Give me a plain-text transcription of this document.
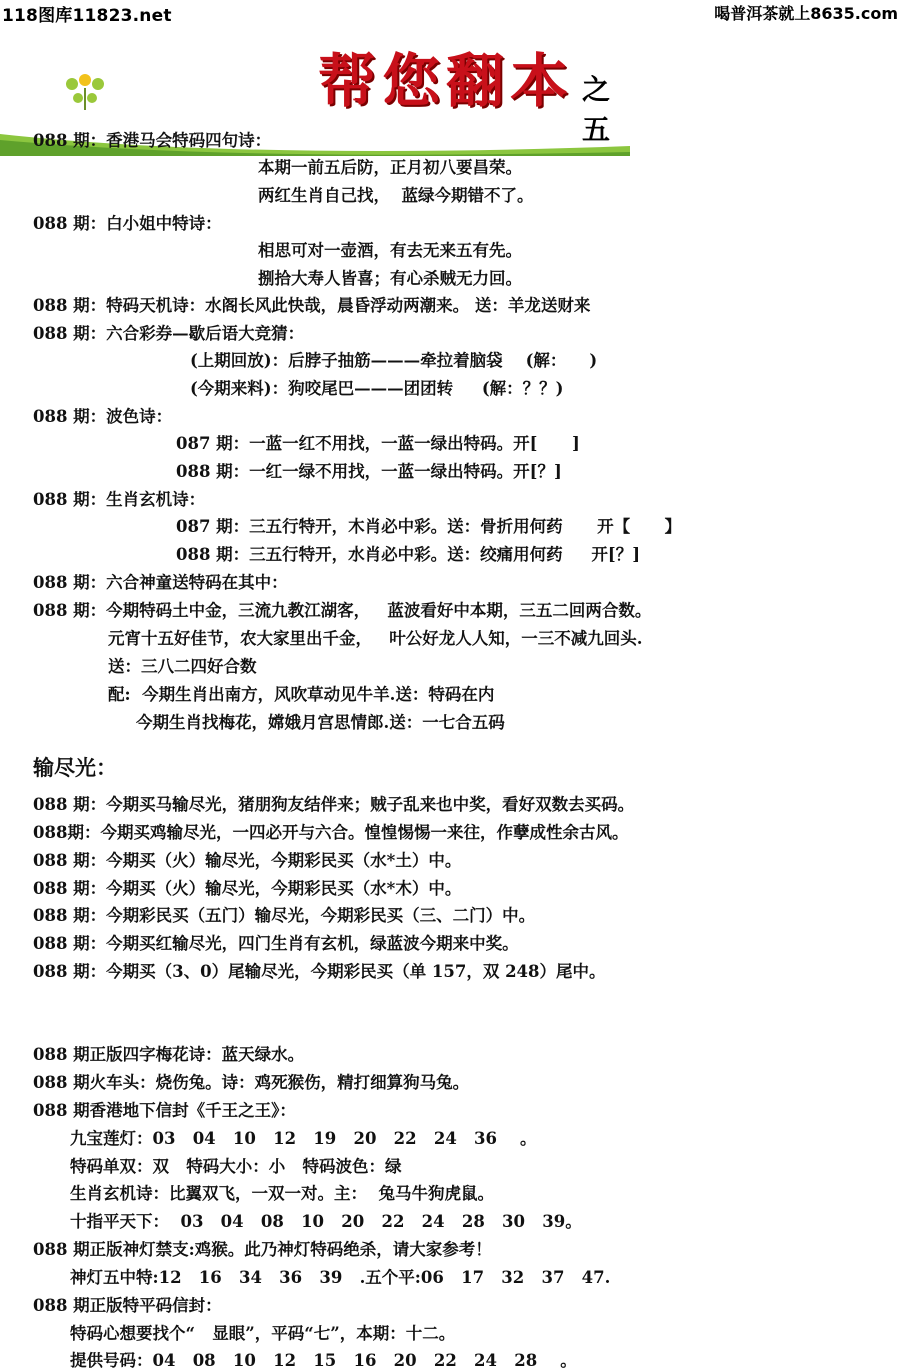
118图库11823.net	喝普洱茶就上8635.com
帮您翻本 之五
088 期：香港马会特码四句诗：
本期一前五后防，正月初八要昌荣。
两红生肖自己找，  蓝绿今期错不了。
088 期：白小姐中特诗：
相思可对一壶酒，有去无来五有先。
捌拾大寿人皆喜；有心杀贼无力回。
088 期：特码天机诗：水阁长风此快哉，晨昏浮动两潮来。 送：羊龙送财来
088 期：六合彩券—歇后语大竞猜：
(上期回放)：后脖子抽筋———牵拉着脑袋    (解：    )
(今期来料)：狗咬尾巴———团团转     (解：？？)
088 期：波色诗：
087 期：一蓝一红不用找，一蓝一绿出特码。开[      ]
088 期：一红一绿不用找，一蓝一绿出特码。开[？]
088 期：生肖玄机诗：
087 期：三五行特开，木肖必中彩。送：骨折用何药      开【      】
088 期：三五行特开，水肖必中彩。送：绞痛用何药     开[？]
088 期：六合神童送特码在其中：
088 期：今期特码土中金，三流九教江湖客，   蓝波看好中本期，三五二回两合数。
元宵十五好佳节，农大家里出千金，   叶公好龙人人知，一三不减九回头.
送：三八二四好合数
配:  今期生肖出南方，风吹草动见牛羊.送：特码在内
今期生肖找梅花，嫦娥月宫思情郎.送：一七合五码
088 期：今期买马输尽光，猪朋狗友结伴来；贼子乱来也中奖，看好双数去买码。
088期：今期买鸡输尽光，一四必开与六合。惶惶惕惕一来往，作孽成性余古风。
088 期：今期买（火）输尽光，今期彩民买（水*土）中。
088 期：今期买（火）输尽光，今期彩民买（水*木）中。
088 期：今期彩民买（五门）输尽光，今期彩民买（三、二门）中。
088 期：今期买红输尽光，四门生肖有玄机，绿蓝波今期来中奖。
088 期：今期买（3、0）尾输尽光，今期彩民买（单 157，双 248）尾中。
088 期正版四字梅花诗：蓝天绿水。
088 期火车头：烧伤兔。诗：鸡死猴伤，精打细算狗马兔。
088 期香港地下信封《千王之王》：
九宝莲灯：03   04   10   12   19   20   22   24   36    。
特码单双：双   特码大小：小   特码波色：绿
生肖玄机诗：比翼双飞，一双一对。主：  兔马牛狗虎鼠。
十指平天下：  03   04   08   10   20   22   24   28   30   39。
088 期正版神灯禁支:鸡猴。此乃神灯特码绝杀，请大家参考！
神灯五中特:12   16   34   36   39   .五个平:06   17   32   37   47.
088 期正版特平码信封：
特码心想要找个“   显眼”，平码“七”，本期：十二。
提供号码：04   08   10   12   15   16   20   22   24   28    。
输尽光：
